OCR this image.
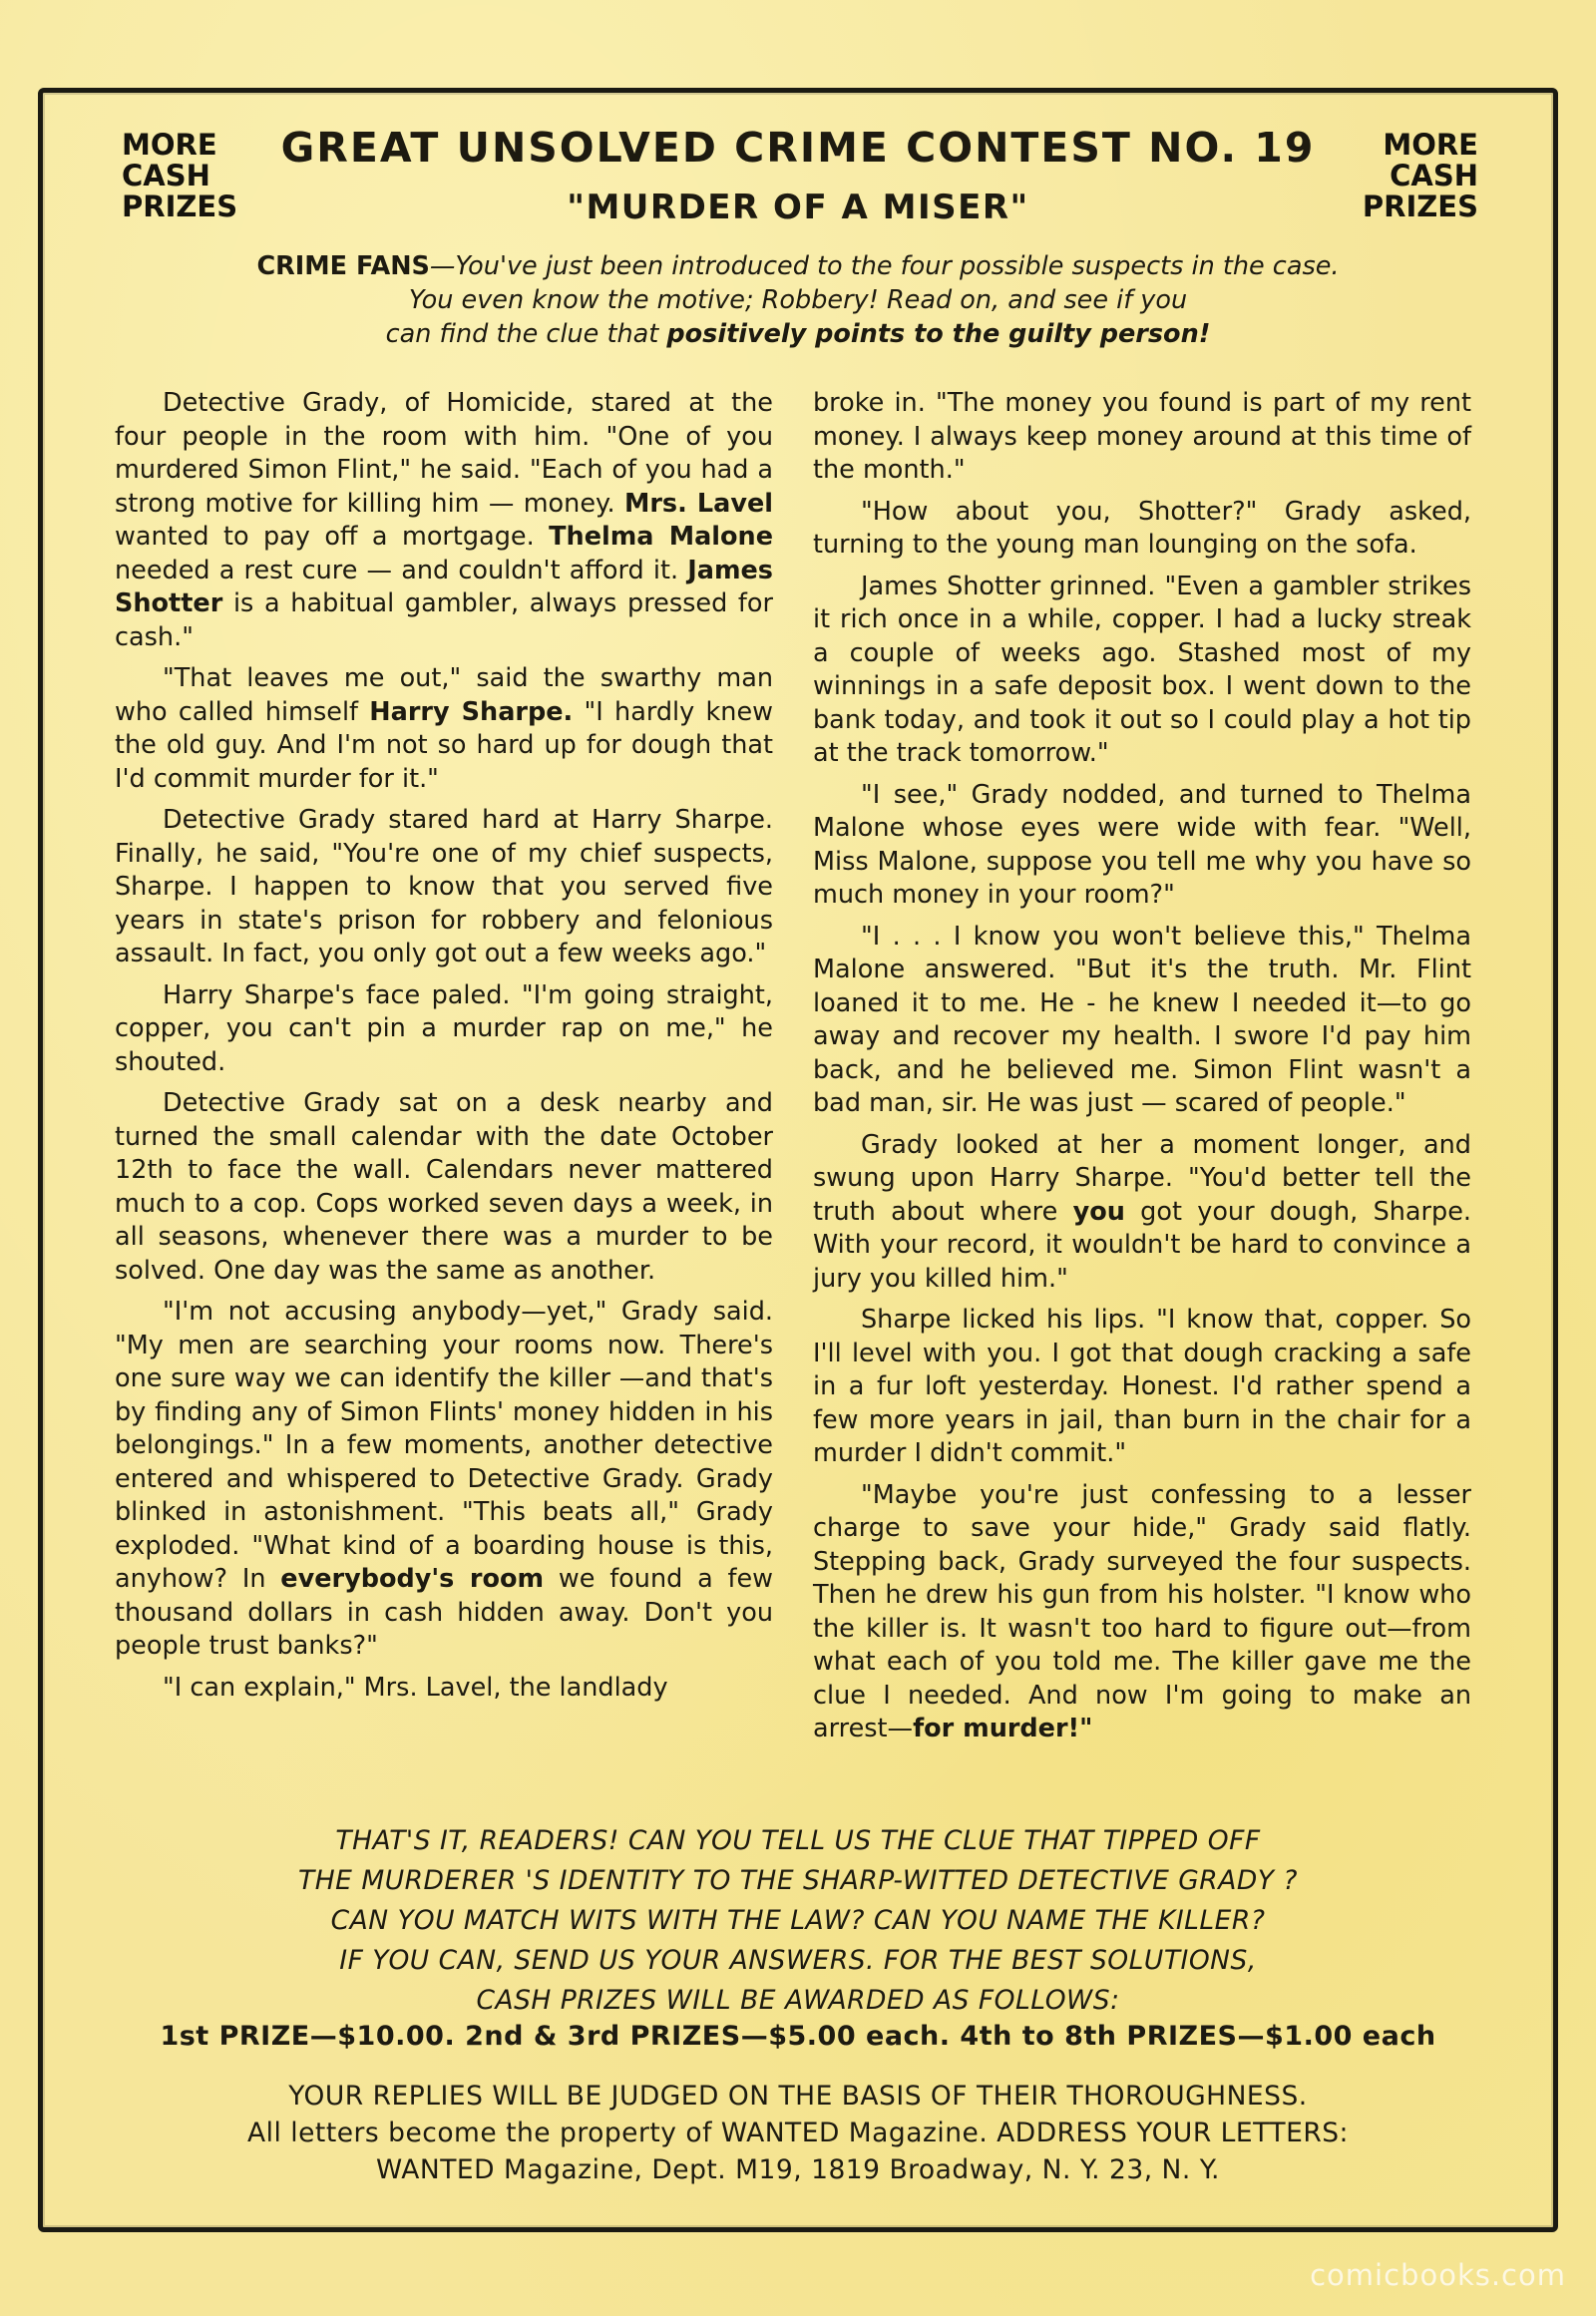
MORE
CASH
PRIZES
MORE
CASH
PRIZES
GREAT UNSOLVED CRIME CONTEST NO. 19
"MURDER OF A MISER"
CRIME FANS—You've just been introduced to the four possible suspects in the case.
You even know the motive; Robbery! Read on, and see if you
can find the clue that positively points to the guilty person!

Detective Grady, of Homicide, stared at the four people in the room with him. "One of you murdered Simon Flint," he said. "Each of you had a strong motive for killing him — money. Mrs. Lavel wanted to pay off a mortgage. Thelma Malone needed a rest cure — and couldn't afford it. James Shotter is a habitual gambler, always pressed for cash."

"That leaves me out," said the swarthy man who called himself Harry Sharpe. "I hardly knew the old guy. And I'm not so hard up for dough that I'd commit murder for it."

Detective Grady stared hard at Harry Sharpe. Finally, he said, "You're one of my chief suspects, Sharpe. I happen to know that you served five years in state's prison for robbery and felonious assault. In fact, you only got out a few weeks ago."

Harry Sharpe's face paled. "I'm going straight, copper, you can't pin a murder rap on me," he shouted.

Detective Grady sat on a desk nearby and turned the small calendar with the date October 12th to face the wall. Calendars never mattered much to a cop. Cops worked seven days a week, in all seasons, whenever there was a murder to be solved. One day was the same as another.

"I'm not accusing anybody—yet," Grady said. "My men are searching your rooms now. There's one sure way we can identify the killer —and that's by finding any of Simon Flints' money hidden in his belongings." In a few moments, another detective entered and whispered to Detective Grady. Grady blinked in astonishment. "This beats all," Grady exploded. "What kind of a boarding house is this, anyhow? In everybody's room we found a few thousand dollars in cash hidden away. Don't you people trust banks?"

"I can explain," Mrs. Lavel, the landlady

broke in. "The money you found is part of my rent money. I always keep money around at this time of the month."

"How about you, Shotter?" Grady asked, turning to the young man lounging on the sofa.

James Shotter grinned. "Even a gambler strikes it rich once in a while, copper. I had a lucky streak a couple of weeks ago. Stashed most of my winnings in a safe deposit box. I went down to the bank today, and took it out so I could play a hot tip at the track tomorrow."

"I see," Grady nodded, and turned to Thelma Malone whose eyes were wide with fear. "Well, Miss Malone, suppose you tell me why you have so much money in your room?"

"I . . . I know you won't believe this," Thelma Malone answered. "But it's the truth. Mr. Flint loaned it to me. He - he knew I needed it—to go away and recover my health. I swore I'd pay him back, and he believed me. Simon Flint wasn't a bad man, sir. He was just — scared of people."

Grady looked at her a moment longer, and swung upon Harry Sharpe. "You'd better tell the truth about where you got your dough, Sharpe. With your record, it wouldn't be hard to convince a jury you killed him."

Sharpe licked his lips. "I know that, copper. So I'll level with you. I got that dough cracking a safe in a fur loft yesterday. Honest. I'd rather spend a few more years in jail, than burn in the chair for a murder I didn't commit."

"Maybe you're just confessing to a lesser charge to save your hide," Grady said flatly. Stepping back, Grady surveyed the four suspects. Then he drew his gun from his holster. "I know who the killer is. It wasn't too hard to figure out—from what each of you told me. The killer gave me the clue I needed. And now I'm going to make an arrest—for murder!"

THAT'S IT, READERS! CAN YOU TELL US THE CLUE THAT TIPPED OFF
THE MURDERER 'S IDENTITY TO THE SHARP-WITTED DETECTIVE GRADY ?
CAN YOU MATCH WITS WITH THE LAW? CAN YOU NAME THE KILLER?
IF YOU CAN, SEND US YOUR ANSWERS. FOR THE BEST SOLUTIONS,
CASH PRIZES WILL BE AWARDED AS FOLLOWS:
1st PRIZE—$10.00. 2nd & 3rd PRIZES—$5.00 each. 4th to 8th PRIZES—$1.00 each
YOUR REPLIES WILL BE JUDGED ON THE BASIS OF THEIR THOROUGHNESS.
All letters become the property of WANTED Magazine. ADDRESS YOUR LETTERS:
WANTED Magazine, Dept. M19, 1819 Broadway, N. Y. 23, N. Y.
comicbooks.com
